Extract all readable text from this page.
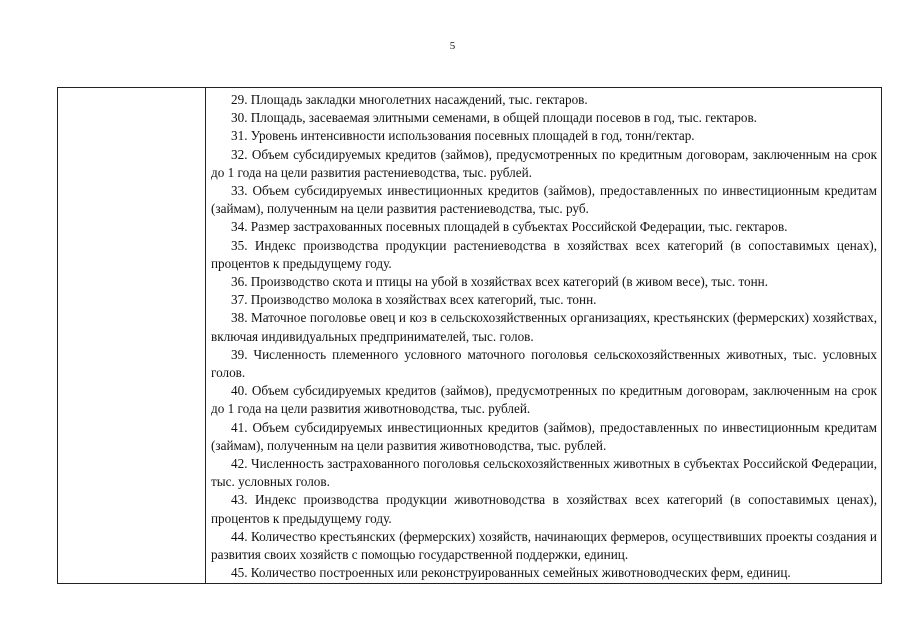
5

29. Площадь закладки многолетних насаждений, тыс. гектаров.

30. Площадь, засеваемая элитными семенами, в общей площади посевов в год, тыс. гектаров.

31. Уровень интенсивности использования посевных площадей в год, тонн/гектар.

32. Объем субсидируемых кредитов (займов), предусмотренных по кредитным договорам, заключенным на срок до 1 года на цели развития растениеводства, тыс. рублей.

33. Объем субсидируемых инвестиционных кредитов (займов), предоставленных по инвестиционным кредитам (займам), полученным на цели развития растениеводства, тыс. руб.

34. Размер застрахованных посевных площадей в субъектах Российской Федерации, тыс. гектаров.

35. Индекс производства продукции растениеводства в хозяйствах всех категорий (в сопоставимых ценах), процентов к предыдущему году.

36. Производство скота и птицы на убой в хозяйствах всех категорий (в живом весе), тыс. тонн.

37. Производство молока в хозяйствах всех категорий, тыс. тонн.

38. Маточное поголовье овец и коз в сельскохозяйственных организациях, крестьянских (фермерских) хозяйствах, включая индивидуальных предпринимателей, тыс. голов.

39. Численность племенного условного маточного поголовья сельскохозяйственных животных, тыс. условных голов.

40. Объем субсидируемых кредитов (займов), предусмотренных по кредитным договорам, заключенным на срок до 1 года на цели развития животноводства, тыс. рублей.

41. Объем субсидируемых инвестиционных кредитов (займов), предоставленных по инвестиционным кредитам (займам), полученным на цели развития животноводства, тыс. рублей.

42. Численность застрахованного поголовья сельскохозяйственных животных в субъектах Российской Федерации, тыс. условных голов.

43. Индекс производства продукции животноводства в хозяйствах всех категорий (в сопоставимых ценах), процентов к предыдущему году.

44. Количество крестьянских (фермерских) хозяйств, начинающих фермеров, осуществивших проекты создания и развития своих хозяйств с помощью государственной поддержки, единиц.

45. Количество построенных или реконструированных семейных животноводческих ферм, единиц.
